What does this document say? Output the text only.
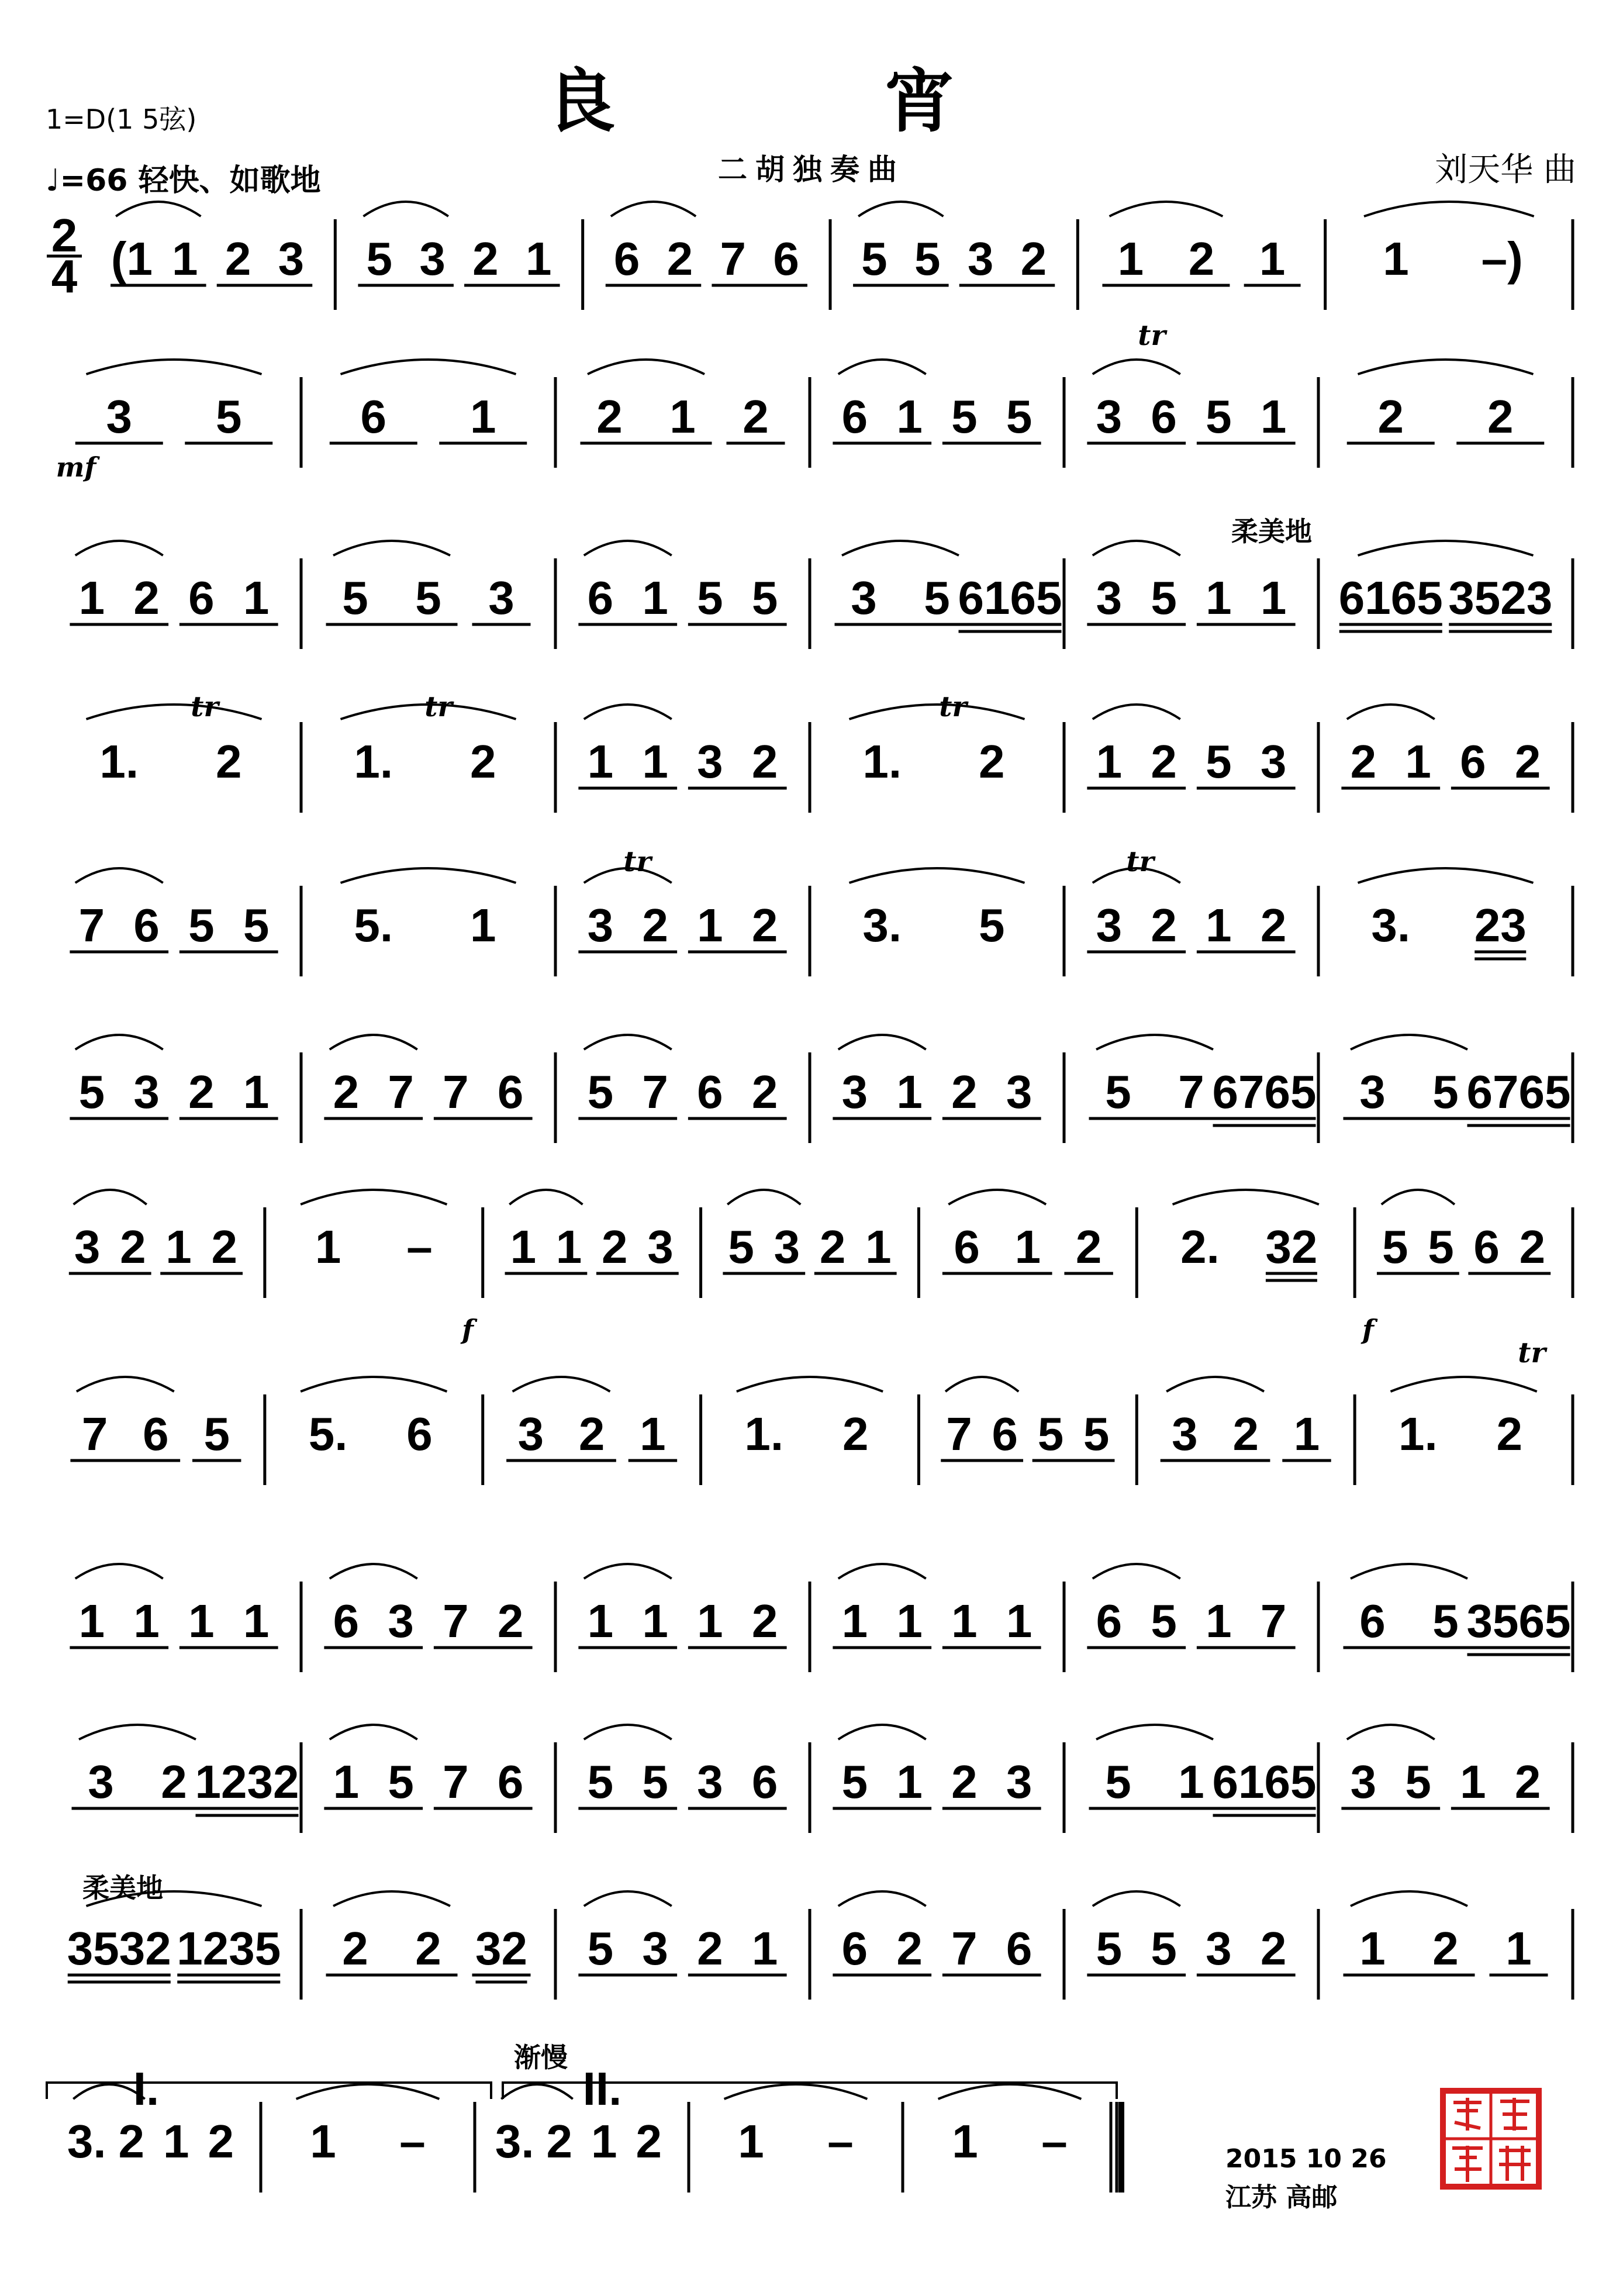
良 宵
二胡独奏曲
1=D(1 5弦)
♩=66 轻快、如歌地	刘天华 曲
2
4 (1 1 2 3 5 3 2 1 6 2 7 6 5 5 3 2 1 2 1 1 –)
3 5	6 1 2 1 2 6 1 5 5 3 6 5 1 2 2
1 2 6 1 5 5 3 6 1 5 5 3 5 6165 3 5 1 1 6165 3523
1. 2 1. 2 1 1 3 2 1. 2 1 2 5 3 2 1 6 2
7 6 5 5 5. 1 3 2 1 2 3. 5 3 2 1 2 3. 23
5 3 2 1 2 7 7 6 5 7 6 2 3 1 2 3 5 7 6765 3 5 6765
3 2 1 2 1 – 1 1 2 3 5 3 2 1 6 1 2 2. 32 5 5 6 2
7 6 5 5. 6 3 2 1 1. 2 7 6 5 5 3 2 1 1. 2
1 1 1 1 6 3 7 2 1 1 1 2 1 1 1 1 6 5 1 7 6 5 3565
3 2 1232 1 5 7 6 5 5 3 6 5 1 2 3 5 1 6165 3 5 1 2
3532 1235 2 2 32 5 3 2 1 6 2 7 6 5 5 3 2 1 2 1
3. 2 1 2 1 – 3. 2 1 2 1 – 1 –
mf
f	f
tr	tr	tr
tr
tr	tr
tr
柔美地
柔美地
渐慢
I.	II.
2015 10 26
江苏 高邮
